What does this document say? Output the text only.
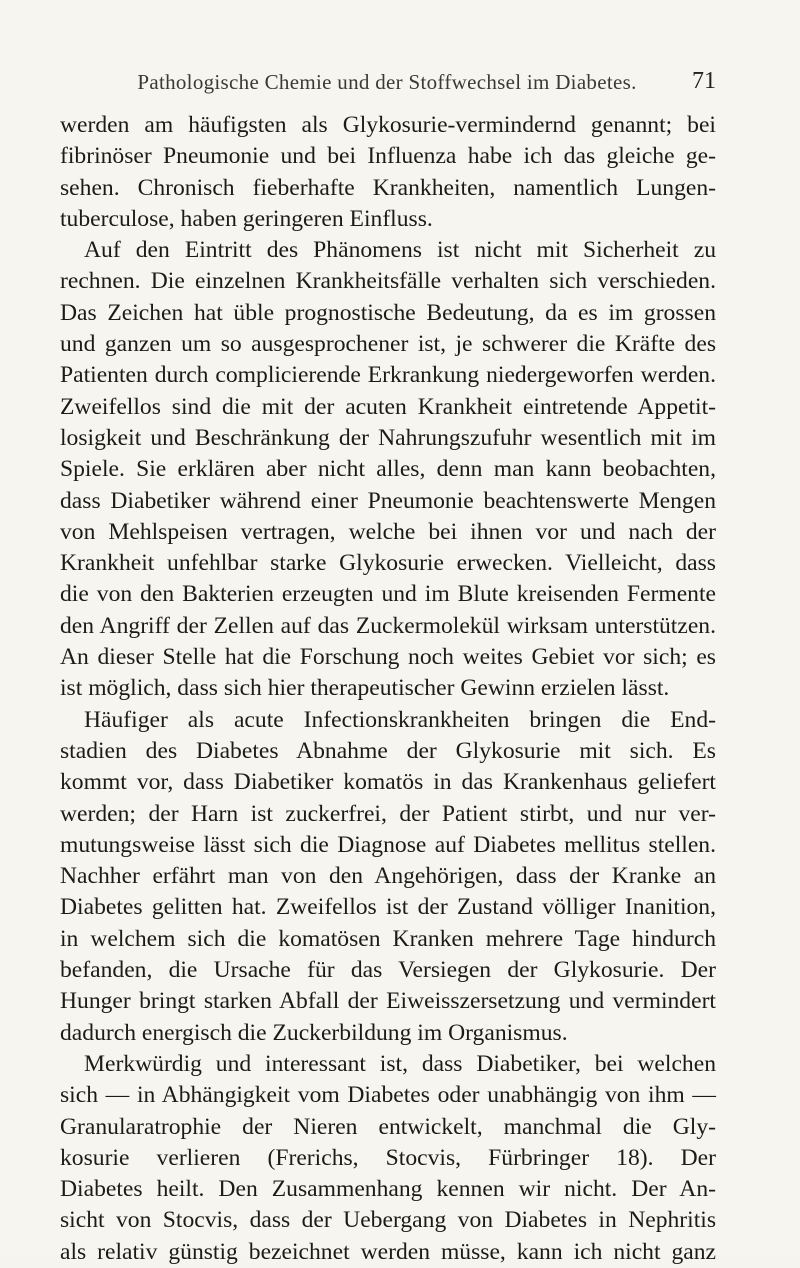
Pathologische Chemie und der Stoffwechsel im Diabetes.	71

werden am häufigsten als Glykosurie-vermindernd genannt; bei
fibrinöser Pneumonie und bei Influenza habe ich das gleiche ge-
sehen. Chronisch fieberhafte Krankheiten, namentlich Lungen-
tuberculose, haben geringeren Einfluss.

Auf den Eintritt des Phänomens ist nicht mit Sicherheit zu
rechnen. Die einzelnen Krankheitsfälle verhalten sich verschieden.
Das Zeichen hat üble prognostische Bedeutung, da es im grossen
und ganzen um so ausgesprochener ist, je schwerer die Kräfte des
Patienten durch complicierende Erkrankung niedergeworfen werden.
Zweifellos sind die mit der acuten Krankheit eintretende Appetit-
losigkeit und Beschränkung der Nahrungszufuhr wesentlich mit im
Spiele. Sie erklären aber nicht alles, denn man kann beobachten,
dass Diabetiker während einer Pneumonie beachtenswerte Mengen
von Mehlspeisen vertragen, welche bei ihnen vor und nach der
Krankheit unfehlbar starke Glykosurie erwecken. Vielleicht, dass
die von den Bakterien erzeugten und im Blute kreisenden Fermente
den Angriff der Zellen auf das Zuckermolekül wirksam unterstützen.
An dieser Stelle hat die Forschung noch weites Gebiet vor sich; es
ist möglich, dass sich hier therapeutischer Gewinn erzielen lässt.

Häufiger als acute Infectionskrankheiten bringen die End-
stadien des Diabetes Abnahme der Glykosurie mit sich. Es
kommt vor, dass Diabetiker komatös in das Krankenhaus geliefert
werden; der Harn ist zuckerfrei, der Patient stirbt, und nur ver-
mutungsweise lässt sich die Diagnose auf Diabetes mellitus stellen.
Nachher erfährt man von den Angehörigen, dass der Kranke an
Diabetes gelitten hat. Zweifellos ist der Zustand völliger Inanition,
in welchem sich die komatösen Kranken mehrere Tage hindurch
befanden, die Ursache für das Versiegen der Glykosurie. Der
Hunger bringt starken Abfall der Eiweisszersetzung und vermindert
dadurch energisch die Zuckerbildung im Organismus.

Merkwürdig und interessant ist, dass Diabetiker, bei welchen
sich — in Abhängigkeit vom Diabetes oder unabhängig von ihm —
Granularatrophie der Nieren entwickelt, manchmal die Gly-
kosurie verlieren (Frerichs, Stocvis, Fürbringer 18). Der
Diabetes heilt. Den Zusammenhang kennen wir nicht. Der An-
sicht von Stocvis, dass der Uebergang von Diabetes in Nephritis
als relativ günstig bezeichnet werden müsse, kann ich nicht ganz
